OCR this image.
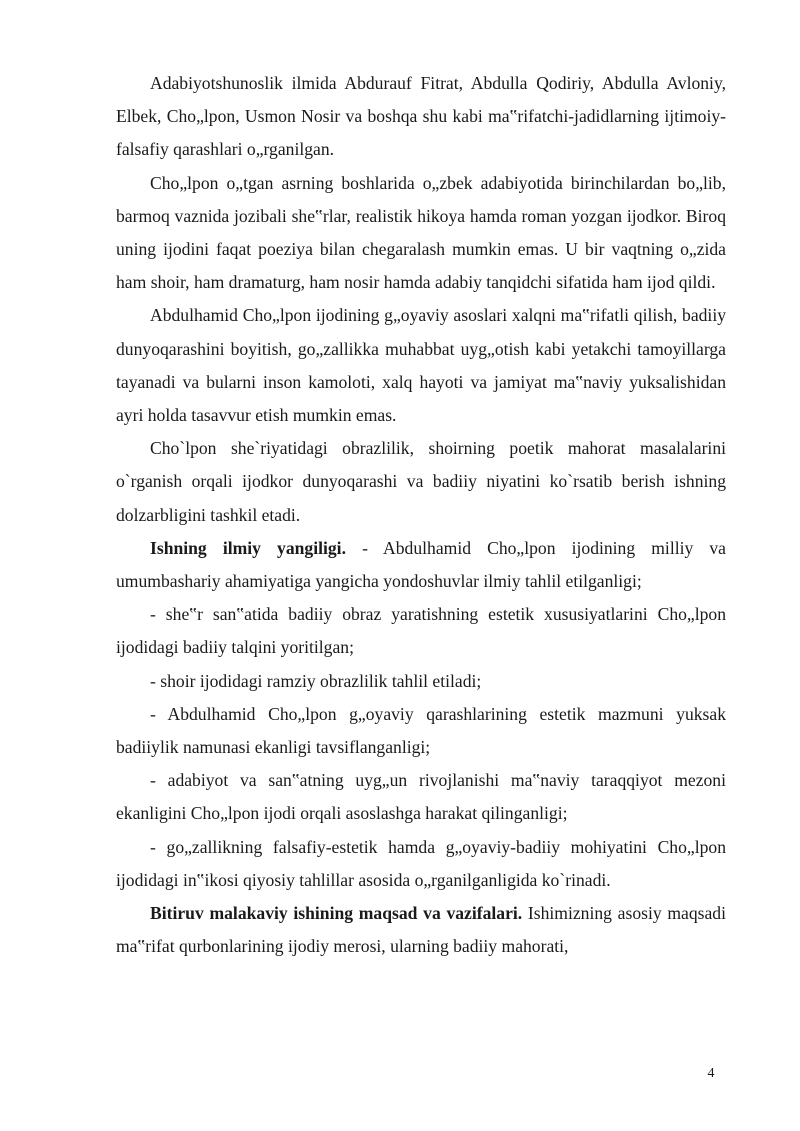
Adabiyotshunoslik ilmida Abdurauf Fitrat, Abdulla Qodiriy, Abdulla Avloniy, Elbek, Cho„lpon, Usmon Nosir va boshqa shu kabi ma‟rifatchi-jadidlarning ijtimoiy-falsafiy qarashlari o„rganilgan.

Cho„lpon o„tgan asrning boshlarida o„zbek adabiyotida birinchilardan bo„lib, barmoq vaznida jozibali she‟rlar, realistik hikoya hamda roman yozgan ijodkor. Biroq uning ijodini faqat poeziya bilan chegaralash mumkin emas. U bir vaqtning o„zida ham shoir, ham dramaturg, ham nosir hamda adabiy tanqidchi sifatida ham ijod qildi.

Abdulhamid Cho„lpon ijodining g„oyaviy asoslari xalqni ma‟rifatli qilish, badiiy dunyoqarashini boyitish, go„zallikka muhabbat uyg„otish kabi yetakchi tamoyillarga tayanadi va bularni inson kamoloti, xalq hayoti va jamiyat ma‟naviy yuksalishidan ayri holda tasavvur etish mumkin emas.

Cho`lpon she`riyatidagi obrazlilik, shoirning poetik mahorat masalalarini o`rganish orqali ijodkor dunyoqarashi va badiiy niyatini ko`rsatib berish ishning dolzarbligini tashkil etadi.

Ishning ilmiy yangiligi. - Abdulhamid Cho„lpon ijodining milliy va umumbashariy ahamiyatiga yangicha yondoshuvlar ilmiy tahlil etilganligi;

- she‟r san‟atida badiiy obraz yaratishning estetik xususiyatlarini Cho„lpon ijodidagi badiiy talqini yoritilgan;

- shoir ijodidagi ramziy obrazlilik tahlil etiladi;

- Abdulhamid Cho„lpon g„oyaviy qarashlarining estetik mazmuni yuksak badiiylik namunasi ekanligi tavsiflanganligi;

- adabiyot va san‟atning uyg„un rivojlanishi ma‟naviy taraqqiyot mezoni ekanligini Cho„lpon ijodi orqali asoslashga harakat qilinganligi;

- go„zallikning falsafiy-estetik hamda g„oyaviy-badiiy mohiyatini Cho„lpon ijodidagi in‟ikosi qiyosiy tahlillar asosida o„rganilganligida ko`rinadi.

Bitiruv malakaviy ishining maqsad va vazifalari. Ishimizning asosiy maqsadi ma‟rifat qurbonlarining ijodiy merosi, ularning badiiy mahorati,

4
